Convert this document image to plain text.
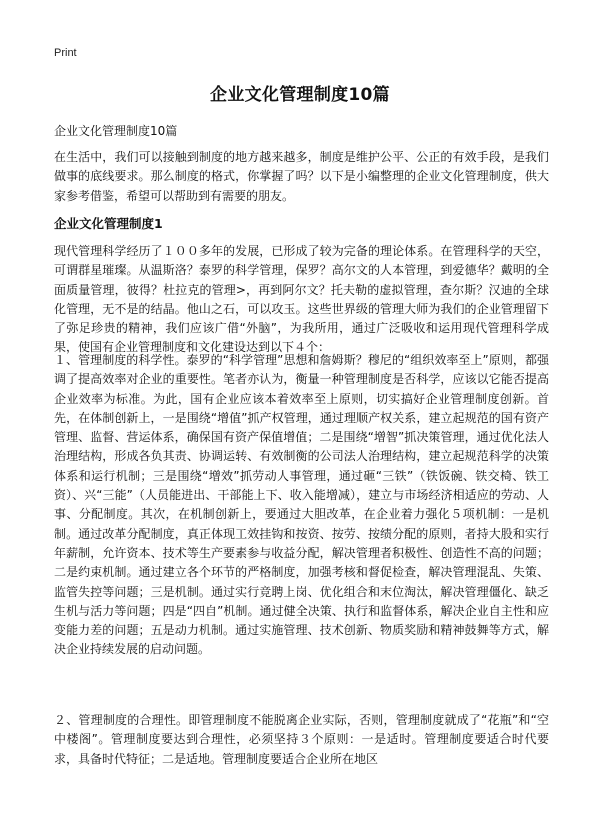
Print
企业文化管理制度10篇
企业文化管理制度10篇

在生活中，我们可以接触到制度的地方越来越多，制度是维护公平、公正的有效手段，是我们做事的底线要求。那么制度的格式，你掌握了吗？以下是小编整理的企业文化管理制度，供大家参考借鉴，希望可以帮助到有需要的朋友。

企业文化管理制度1

现代管理科学经历了１００多年的发展，已形成了较为完备的理论体系。在管理科学的天空，可谓群星璀璨。从温斯洛？泰罗的科学管理，保罗？高尔文的人本管理，到爱德华？戴明的全面质量管理，彼得？杜拉克的管理>，再到阿尔文？托夫勒的虚拟管理，查尔斯？汉迪的全球化管理，无不是的结晶。他山之石，可以攻玉。这些世界级的管理大师为我们的企业管理留下了弥足珍贵的精神，我们应该广借“外脑”，为我所用，通过广泛吸收和运用现代管理科学成果，使国有企业管理制度和文化建设达到以下４个：

１、管理制度的科学性。泰罗的“科学管理”思想和詹姆斯？穆尼的“组织效率至上”原则，都强调了提高效率对企业的重要性。笔者亦认为，衡量一种管理制度是否科学，应该以它能否提高企业效率为标准。为此，国有企业应该本着效率至上原则，切实搞好企业管理制度创新。首先，在体制创新上，一是围绕“增值”抓产权管理，通过理顺产权关系，建立起规范的国有资产管理、监督、营运体系，确保国有资产保值增值；二是围绕“增智”抓决策管理，通过优化法人治理结构，形成各负其责、协调运转、有效制衡的公司法人治理结构，建立起规范科学的决策体系和运行机制；三是围绕“增效”抓劳动人事管理，通过砸“三铁”（铁饭碗、铁交椅、铁工资）、兴“三能”（人员能进出、干部能上下、收入能增减），建立与市场经济相适应的劳动、人事、分配制度。其次，在机制创新上，要通过大胆改革，在企业着力强化５项机制：一是机制。通过改革分配制度，真正体现工效挂钩和按资、按劳、按绩分配的原则，者持大股和实行年薪制，允许资本、技术等生产要素参与收益分配，解决管理者积极性、创造性不高的问题；二是约束机制。通过建立各个环节的严格制度，加强考核和督促检查，解决管理混乱、失策、监管失控等问题；三是机制。通过实行竞聘上岗、优化组合和末位淘汰，解决管理僵化、缺乏生机与活力等问题；四是“四自”机制。通过健全决策、执行和监督体系，解决企业自主性和应变能力差的问题；五是动力机制。通过实施管理、技术创新、物质奖励和精神鼓舞等方式，解决企业持续发展的启动问题。

２、管理制度的合理性。即管理制度不能脱离企业实际，否则，管理制度就成了“花瓶”和“空中楼阁”。管理制度要达到合理性，必须坚持３个原则：一是适时。管理制度要适合时代要求，具备时代特征；二是适地。管理制度要适合企业所在地区
